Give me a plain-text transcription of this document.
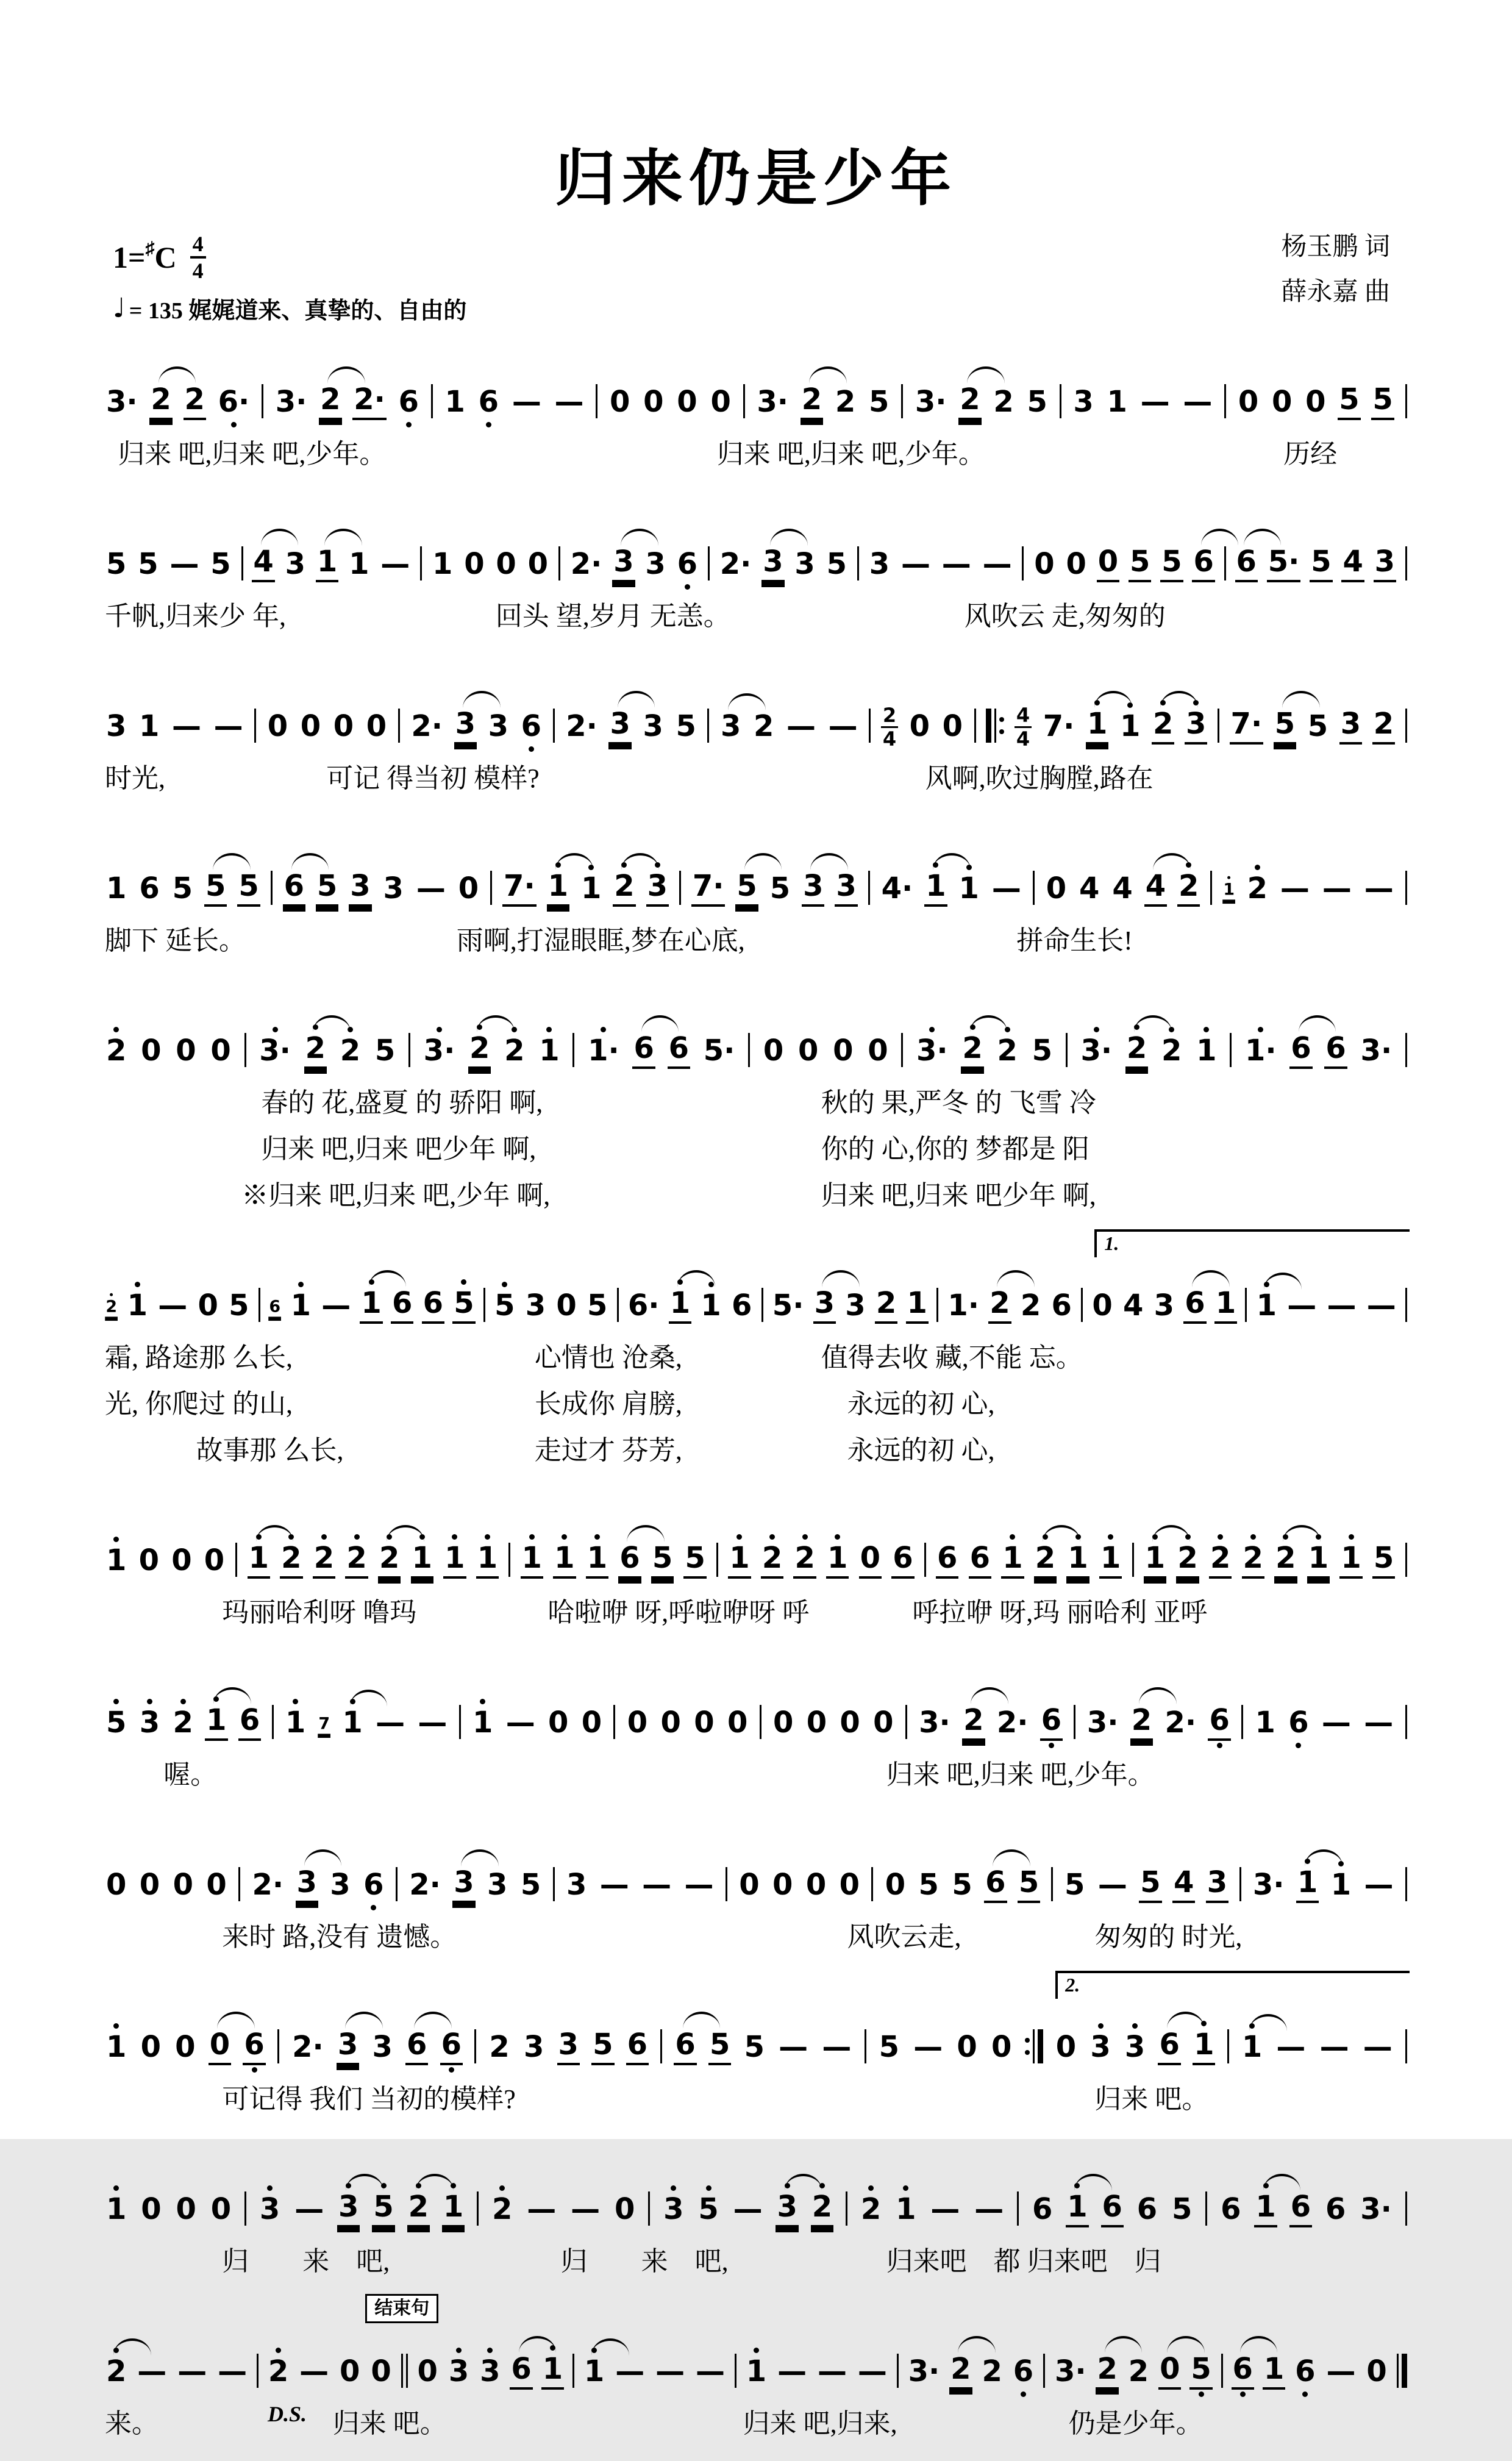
归来仍是少年
1=♯ C 4
4
♩ = 135 娓娓道来、真挚的、自由的
杨玉鹏 词
薛永嘉 曲
3· 2 2 6· 3· 2 2· 6 1 6 — — 0 0 0 0 3· 2 2 5 3· 2 2 5 3 1 — — 0 0 0 5 5
归来 吧,归来 吧,少年。	归来 吧,归来 吧,少年。	历经
5 5 — 5 4 3 1 1 — 1 0 0 0 2· 3 3 6 2· 3 3 5 3 — — — 0 0 0 5 5 6 6 5· 5 4 3
千帆,归来少 年,	回头 望,岁月 无恙。	风吹云 走,匆匆的
3 1 — — 0 0 0 0 2· 3 3 6 2· 3 3 5 3 2 — — 2
4 0 0	4
4 7· 1 1 2 3 7· 5 5 3 2
时光,	可记 得当初 模样?	风啊,吹过胸膛,路在
1 6 5 5 5 6 5 3 3 — 0 7· 1 1 2 3 7· 5 5 3 3 4· 1 1 — 0 4 4 4 2 1 2 — — —
脚下 延长。	雨啊,打湿眼眶,梦在心底,	拼命生长!
2 0 0 0 3· 2 2 5 3· 2 2 1 1· 6 6 5· 0 0 0 0 3· 2 2 5 3· 2 2 1 1· 6 6 3·
春的 花,盛夏 的 骄阳 啊,	秋的 果,严冬 的 飞雪 冷
归来 吧,归来 吧少年 啊,	你的 心,你的 梦都是 阳
※归来 吧,归来 吧,少年 啊,	归来 吧,归来 吧少年 啊,
2 1 — 0 5 6 1 — 1 6 6 5 5 3 0 5 6· 1 1 6 5· 3 3 2 1 1· 2 2 6 0 4 3 6 1 1 — — —
1.
霜, 路途那 么长,	心情也 沧桑,	值得去收 藏,不能 忘。
光, 你爬过 的山,	长成你 肩膀,	永远的初 心,
故事那 么长,	走过才 芬芳,	永远的初 心,
1 0 0 0 1 2 2 2 2 1 1 1 1 1 1 6 5 5 1 2 2 1 0 6 6 6 1 2 1 1 1 2 2 2 2 1 1 5
玛丽哈利呀 噜玛	哈啦咿 呀,呼啦咿呀 呼	呼拉咿 呀,玛 丽哈利 亚呼
5 3 2 1 6 1 7 1 — — 1 — 0 0 0 0 0 0 0 0 0 0 3· 2 2· 6 3· 2 2· 6 1 6 — —
喔。	归来 吧,归来 吧,少年。
0 0 0 0 2· 3 3 6 2· 3 3 5 3 — — — 0 0 0 0 0 5 5 6 5 5 — 5 4 3 3· 1 1 —
来时 路,没有 遗憾。	风吹云走,	匆匆的 时光,
1 0 0 0 6 2· 3 3 6 6 2 3 3 5 6 6 5 5 — — 5 — 0 0 0 3 3 6 1 1 — — —
2.
可记得 我们 当初的模样?	归来 吧。
1 0 0 0 3 — 3 5 2 1 2 — — 0 3 5 — 3 2 2 1 — — 6 1 6 6 5 6 1 6 6 3·
归　　来　吧,	归　　来　吧,	归来吧　都 归来吧　归
2 — — — 2 — 0 0 0 3 3 6 1 1 — — — 1 — — — 3· 2 2 6 3· 2 2 0 5 6 1 6 — 0
结束句
来。	D.S. 归来 吧。	归来 吧,归来,	仍是少年。
